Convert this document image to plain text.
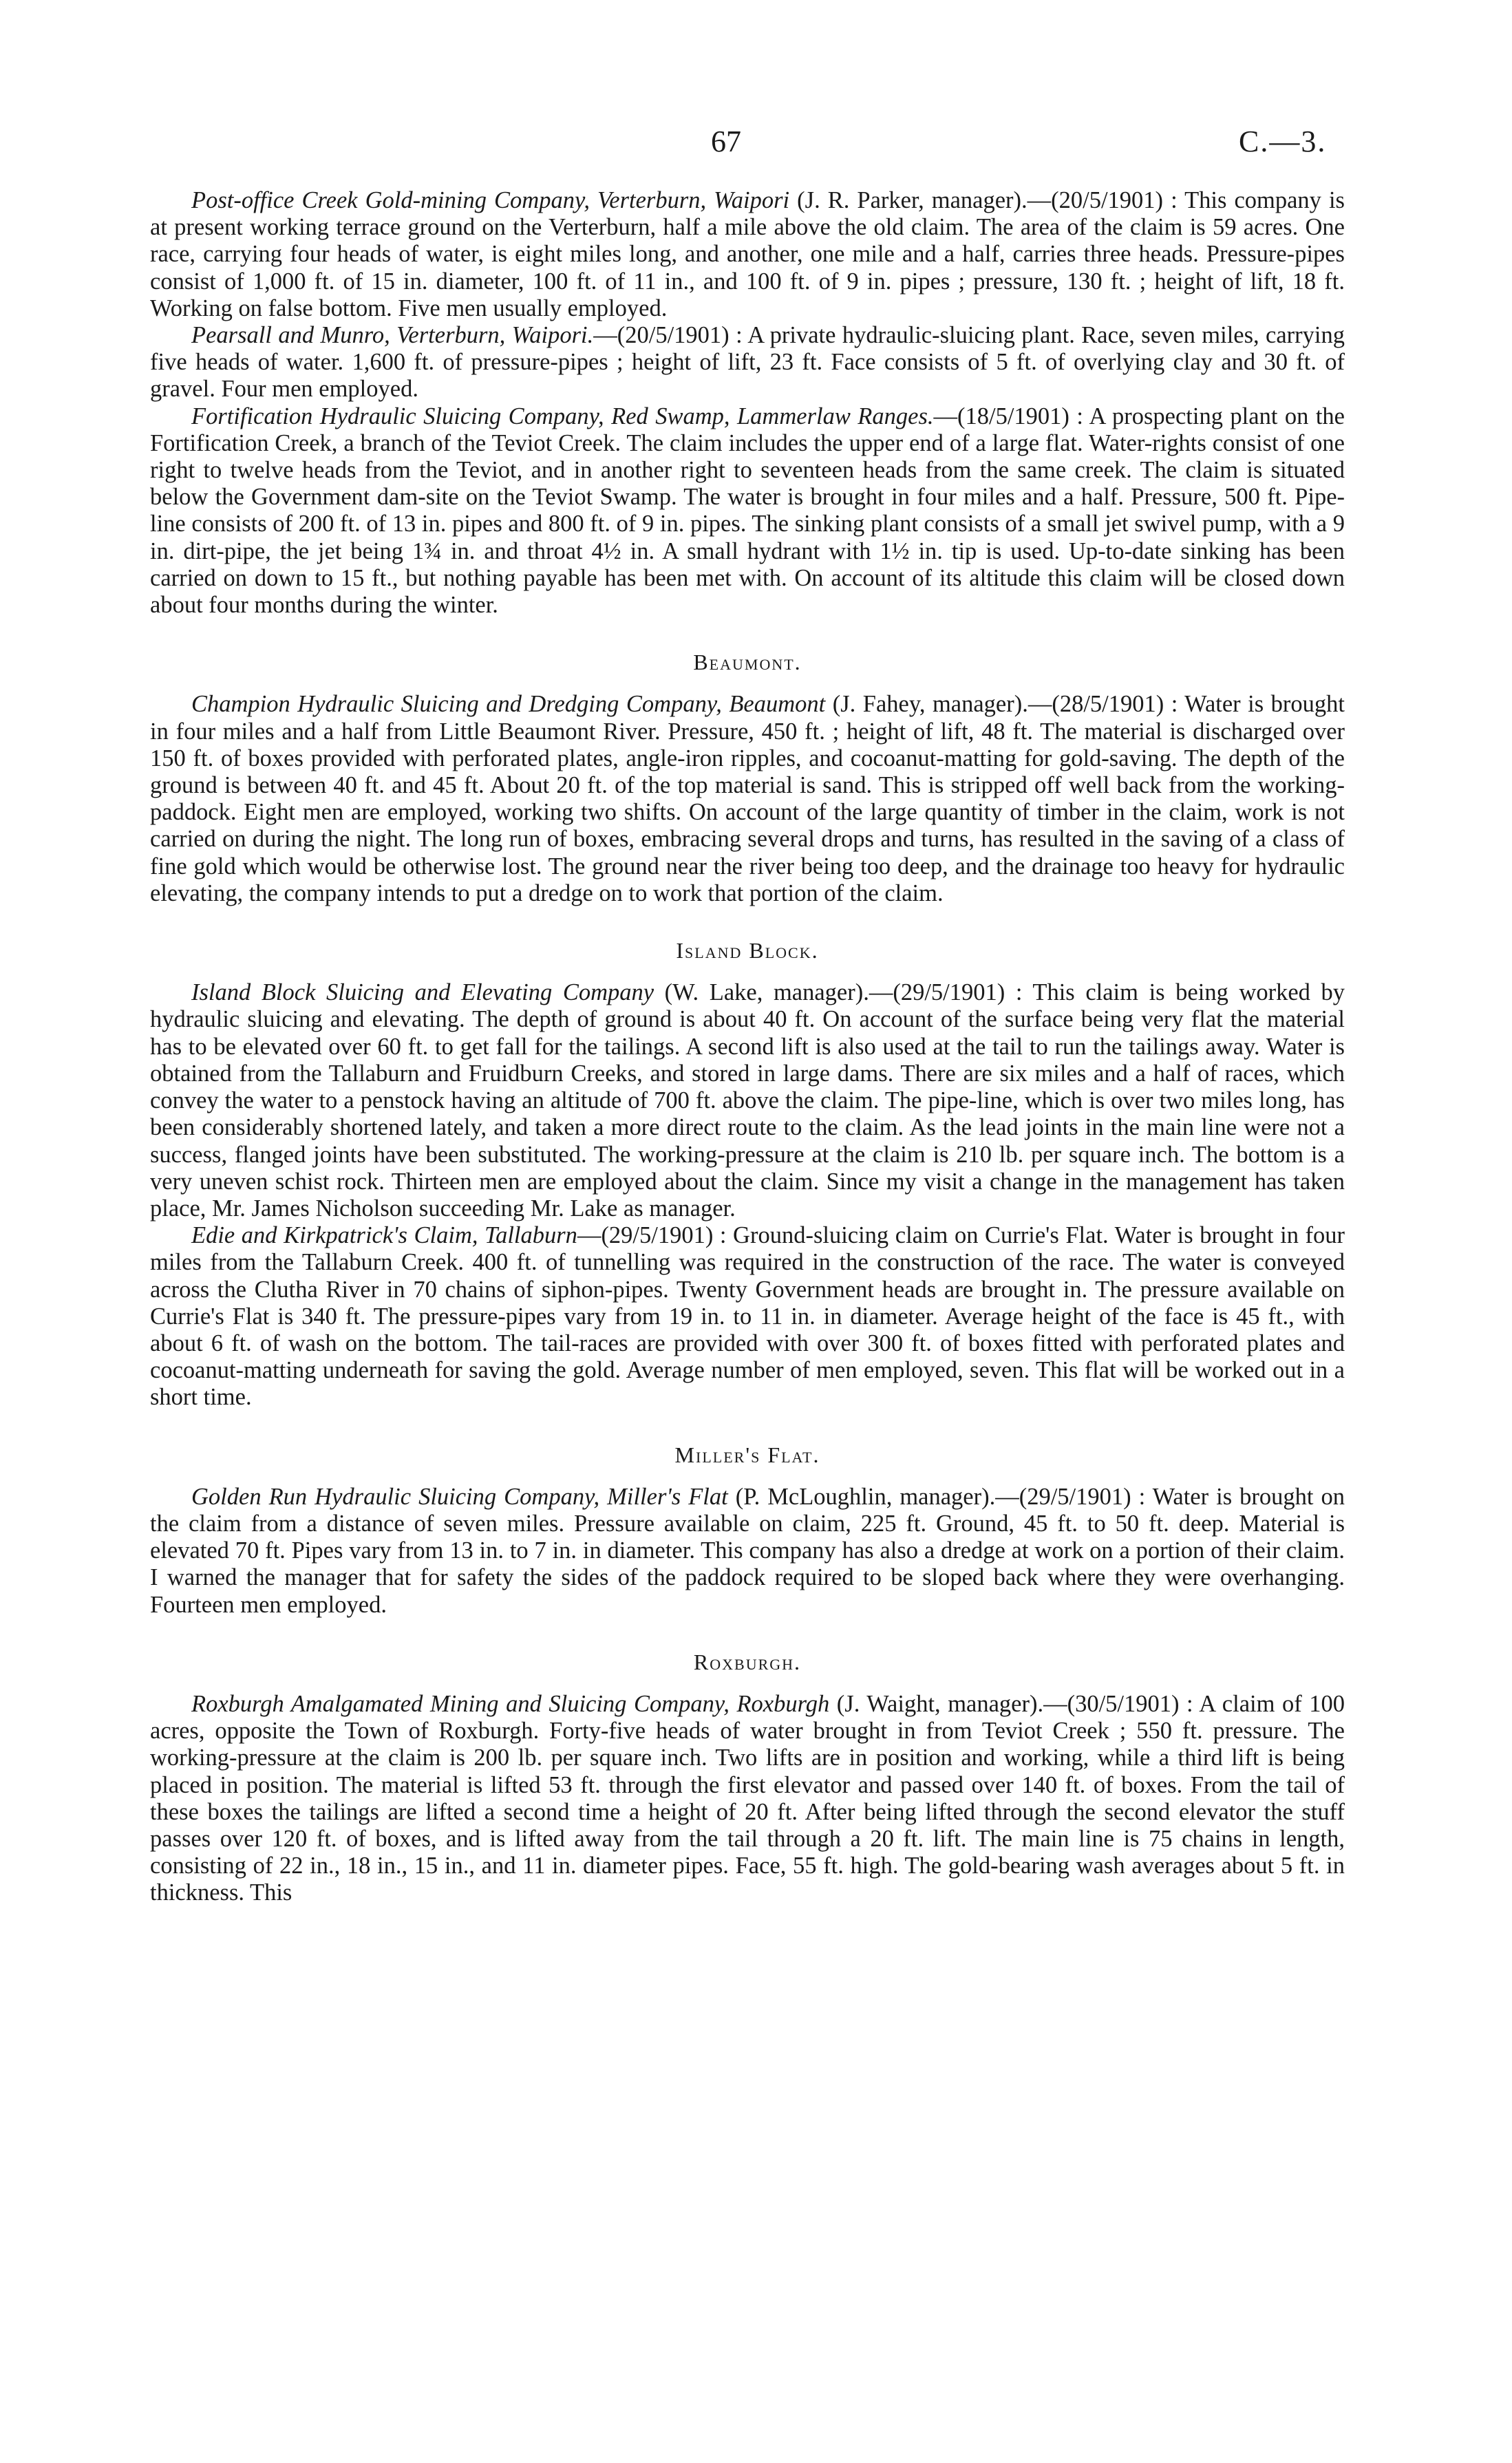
67	C.—3.

Post-office Creek Gold-mining Company, Verterburn, Waipori (J. R. Parker, manager).—(20/5/1901) : This company is at present working terrace ground on the Verterburn, half a mile above the old claim. The area of the claim is 59 acres. One race, carrying four heads of water, is eight miles long, and another, one mile and a half, carries three heads. Pressure-pipes consist of 1,000 ft. of 15 in. diameter, 100 ft. of 11 in., and 100 ft. of 9 in. pipes ; pressure, 130 ft. ; height of lift, 18 ft. Working on false bottom. Five men usually employed.

Pearsall and Munro, Verterburn, Waipori.—(20/5/1901) : A private hydraulic-sluicing plant. Race, seven miles, carrying five heads of water. 1,600 ft. of pressure-pipes ; height of lift, 23 ft. Face consists of 5 ft. of overlying clay and 30 ft. of gravel. Four men employed.

Fortification Hydraulic Sluicing Company, Red Swamp, Lammerlaw Ranges.—(18/5/1901) : A prospecting plant on the Fortification Creek, a branch of the Teviot Creek. The claim includes the upper end of a large flat. Water-rights consist of one right to twelve heads from the Teviot, and in another right to seventeen heads from the same creek. The claim is situated below the Government dam-site on the Teviot Swamp. The water is brought in four miles and a half. Pressure, 500 ft. Pipe-line consists of 200 ft. of 13 in. pipes and 800 ft. of 9 in. pipes. The sinking plant consists of a small jet swivel pump, with a 9 in. dirt-pipe, the jet being 1¾ in. and throat 4½ in. A small hydrant with 1½ in. tip is used. Up-to-date sinking has been carried on down to 15 ft., but nothing payable has been met with. On account of its altitude this claim will be closed down about four months during the winter.

Beaumont.

Champion Hydraulic Sluicing and Dredging Company, Beaumont (J. Fahey, manager).—(28/5/1901) : Water is brought in four miles and a half from Little Beaumont River. Pressure, 450 ft. ; height of lift, 48 ft. The material is discharged over 150 ft. of boxes provided with perforated plates, angle-iron ripples, and cocoanut-matting for gold-saving. The depth of the ground is between 40 ft. and 45 ft. About 20 ft. of the top material is sand. This is stripped off well back from the working-paddock. Eight men are employed, working two shifts. On account of the large quantity of timber in the claim, work is not carried on during the night. The long run of boxes, embracing several drops and turns, has resulted in the saving of a class of fine gold which would be otherwise lost. The ground near the river being too deep, and the drainage too heavy for hydraulic elevating, the company intends to put a dredge on to work that portion of the claim.

Island Block.

Island Block Sluicing and Elevating Company (W. Lake, manager).—(29/5/1901) : This claim is being worked by hydraulic sluicing and elevating. The depth of ground is about 40 ft. On account of the surface being very flat the material has to be elevated over 60 ft. to get fall for the tailings. A second lift is also used at the tail to run the tailings away. Water is obtained from the Tallaburn and Fruidburn Creeks, and stored in large dams. There are six miles and a half of races, which convey the water to a penstock having an altitude of 700 ft. above the claim. The pipe-line, which is over two miles long, has been considerably shortened lately, and taken a more direct route to the claim. As the lead joints in the main line were not a success, flanged joints have been substituted. The working-pressure at the claim is 210 lb. per square inch. The bottom is a very uneven schist rock. Thirteen men are employed about the claim. Since my visit a change in the management has taken place, Mr. James Nicholson succeeding Mr. Lake as manager.

Edie and Kirkpatrick's Claim, Tallaburn—(29/5/1901) : Ground-sluicing claim on Currie's Flat. Water is brought in four miles from the Tallaburn Creek. 400 ft. of tunnelling was required in the construction of the race. The water is conveyed across the Clutha River in 70 chains of siphon-pipes. Twenty Government heads are brought in. The pressure available on Currie's Flat is 340 ft. The pressure-pipes vary from 19 in. to 11 in. in diameter. Average height of the face is 45 ft., with about 6 ft. of wash on the bottom. The tail-races are provided with over 300 ft. of boxes fitted with perforated plates and cocoanut-matting underneath for saving the gold. Average number of men employed, seven. This flat will be worked out in a short time.

Miller's Flat.

Golden Run Hydraulic Sluicing Company, Miller's Flat (P. McLoughlin, manager).—(29/5/1901) : Water is brought on the claim from a distance of seven miles. Pressure available on claim, 225 ft. Ground, 45 ft. to 50 ft. deep. Material is elevated 70 ft. Pipes vary from 13 in. to 7 in. in diameter. This company has also a dredge at work on a portion of their claim. I warned the manager that for safety the sides of the paddock required to be sloped back where they were overhanging. Fourteen men employed.

Roxburgh.

Roxburgh Amalgamated Mining and Sluicing Company, Roxburgh (J. Waight, manager).—(30/5/1901) : A claim of 100 acres, opposite the Town of Roxburgh. Forty-five heads of water brought in from Teviot Creek ; 550 ft. pressure. The working-pressure at the claim is 200 lb. per square inch. Two lifts are in position and working, while a third lift is being placed in position. The material is lifted 53 ft. through the first elevator and passed over 140 ft. of boxes. From the tail of these boxes the tailings are lifted a second time a height of 20 ft. After being lifted through the second elevator the stuff passes over 120 ft. of boxes, and is lifted away from the tail through a 20 ft. lift. The main line is 75 chains in length, consisting of 22 in., 18 in., 15 in., and 11 in. diameter pipes. Face, 55 ft. high. The gold-bearing wash averages about 5 ft. in thickness. This
